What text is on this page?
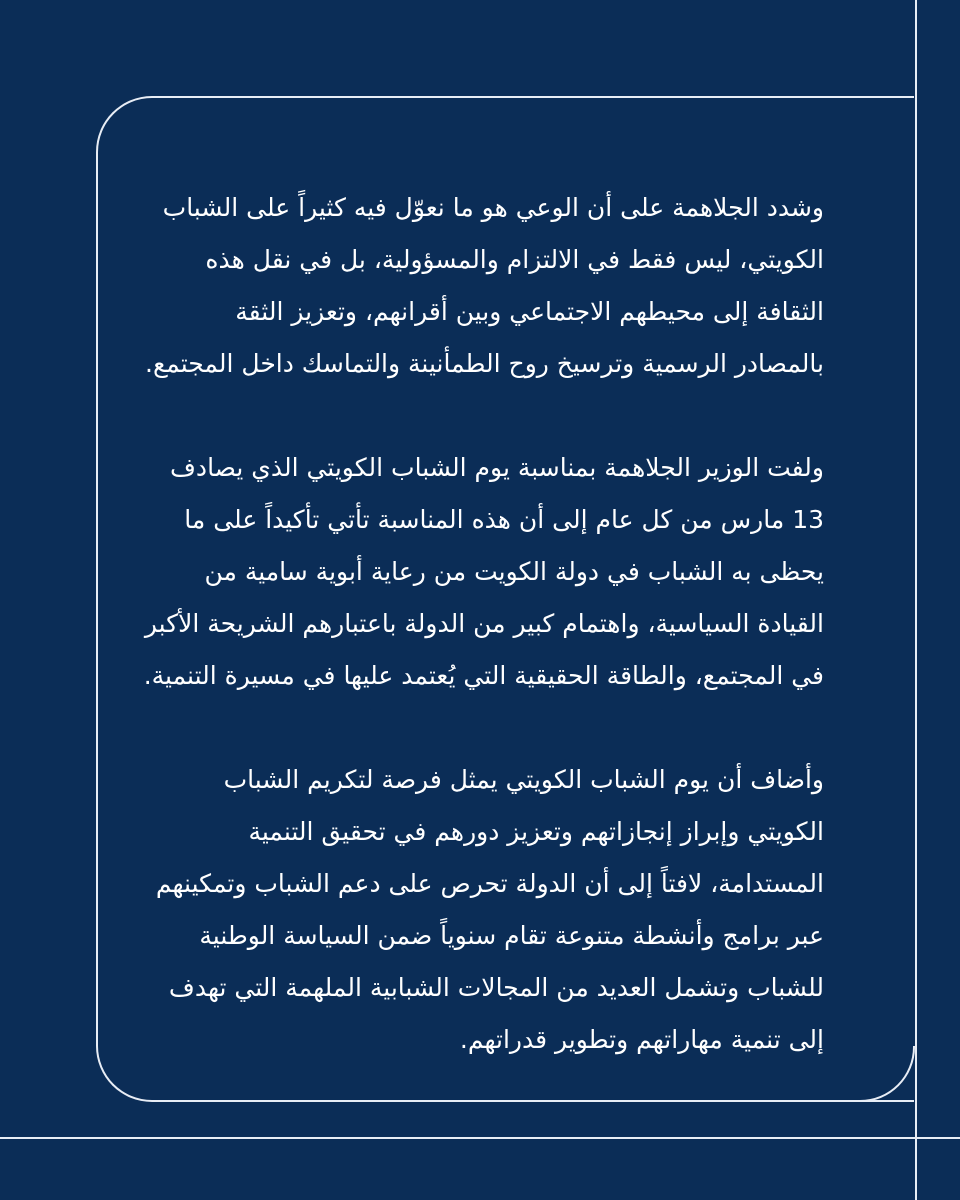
وشدد الجلاهمة على أن الوعي هو ما نعوّل فيه كثيراً على الشباب الكويتي، ليس فقط في الالتزام والمسؤولية، بل في نقل هذه الثقافة إلى محيطهم الاجتماعي وبين أقرانهم، وتعزيز الثقة بالمصادر الرسمية وترسيخ روح الطمأنينة والتماسك داخل المجتمع.

ولفت الوزير الجلاهمة بمناسبة يوم الشباب الكويتي الذي يصادف 13 مارس من كل عام إلى أن هذه المناسبة تأتي تأكيداً على ما يحظى به الشباب في دولة الكويت من رعاية أبوية سامية من القيادة السياسية، واهتمام كبير من الدولة باعتبارهم الشريحة الأكبر في المجتمع، والطاقة الحقيقية التي يُعتمد عليها في مسيرة التنمية.

وأضاف أن يوم الشباب الكويتي يمثل فرصة لتكريم الشباب الكويتي وإبراز إنجازاتهم وتعزيز دورهم في تحقيق التنمية المستدامة، لافتاً إلى أن الدولة تحرص على دعم الشباب وتمكينهم عبر برامج وأنشطة متنوعة تقام سنوياً ضمن السياسة الوطنية للشباب وتشمل العديد من المجالات الشبابية الملهمة التي تهدف إلى تنمية مهاراتهم وتطوير قدراتهم.
